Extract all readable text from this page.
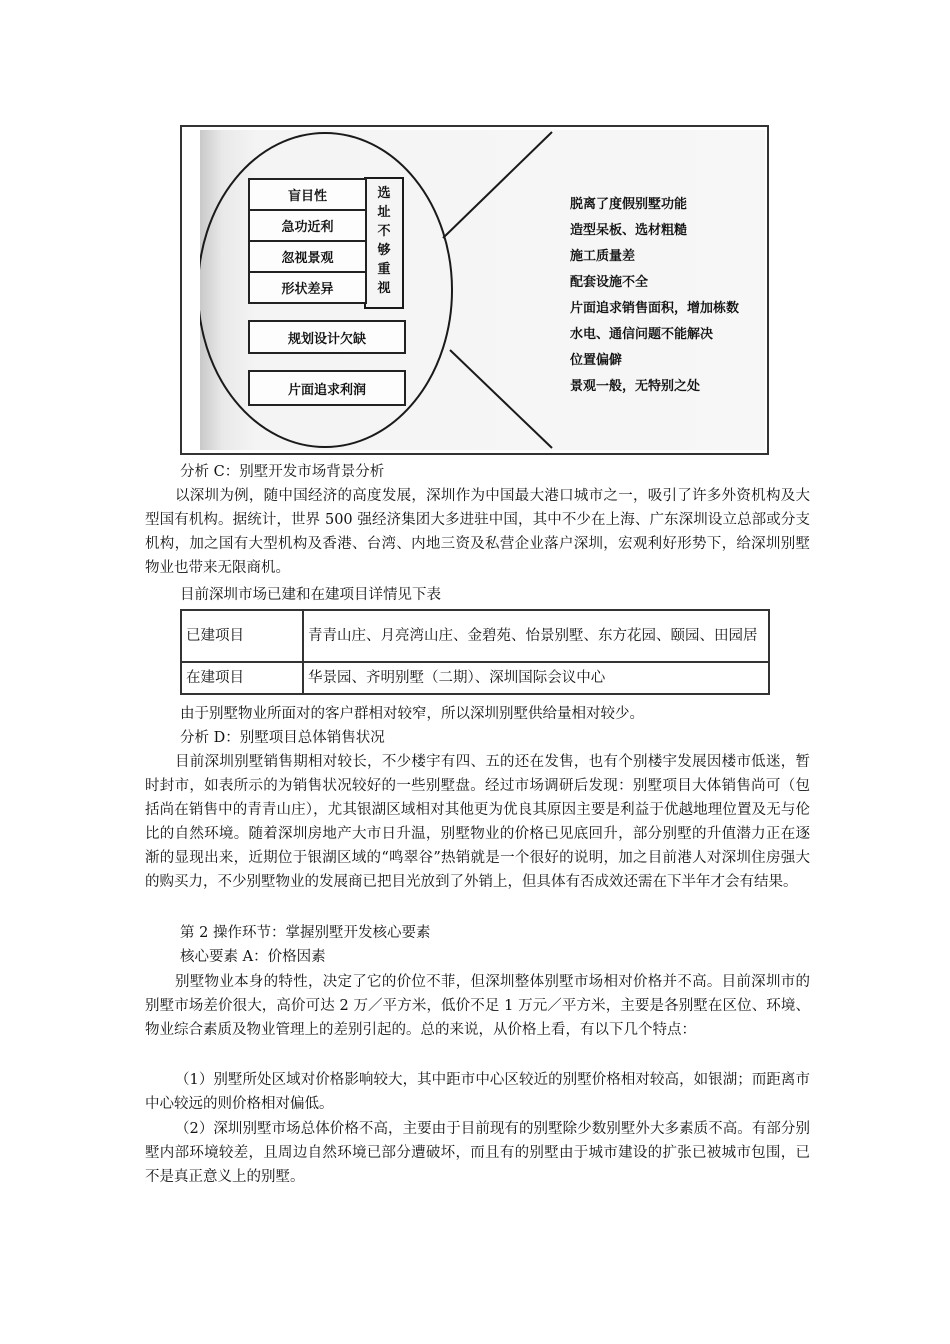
盲目性
急功近利
忽视景观
形状差异
选址不够重视
规划设计欠缺
片面追求利润
脱离了度假别墅功能
造型呆板、选材粗糙
施工质量差
配套设施不全
片面追求销售面积，增加栋数
水电、通信问题不能解决
位置偏僻
景观一般，无特别之处
分析 C：别墅开发市场背景分析
以深圳为例，随中国经济的高度发展，深圳作为中国最大港口城市之一，吸引了许多外资机构及大型国有机构。据统计，世界 500 强经济集团大多进驻中国，其中不少在上海、广东深圳设立总部或分支机构，加之国有大型机构及香港、台湾、内地三资及私营企业落户深圳，宏观利好形势下，给深圳别墅物业也带来无限商机。
目前深圳市场已建和在建项目详情见下表
已建项目	青青山庄、月亮湾山庄、金碧苑、怡景别墅、东方花园、颐园、田园居
在建项目	华景园、齐明别墅（二期）、深圳国际会议中心
由于别墅物业所面对的客户群相对较窄，所以深圳别墅供给量相对较少。
分析 D：别墅项目总体销售状况
目前深圳别墅销售期相对较长，不少楼宇有四、五的还在发售，也有个别楼宇发展因楼市低迷，暂时封市，如表所示的为销售状况较好的一些别墅盘。经过市场调研后发现：别墅项目大体销售尚可（包括尚在销售中的青青山庄），尤其银湖区域相对其他更为优良其原因主要是利益于优越地理位置及无与伦比的自然环境。随着深圳房地产大市日升温，别墅物业的价格已见底回升，部分别墅的升值潜力正在逐渐的显现出来，近期位于银湖区域的“鸣翠谷”热销就是一个很好的说明，加之目前港人对深圳住房强大的购买力，不少别墅物业的发展商已把目光放到了外销上，但具体有否成效还需在下半年才会有结果。
第 2 操作环节：掌握别墅开发核心要素
核心要素 A：价格因素
别墅物业本身的特性，决定了它的价位不菲，但深圳整体别墅市场相对价格并不高。目前深圳市的别墅市场差价很大，高价可达 2 万／平方米，低价不足 1 万元／平方米，主要是各别墅在区位、环境、物业综合素质及物业管理上的差别引起的。总的来说，从价格上看，有以下几个特点：
（1）别墅所处区域对价格影响较大，其中距市中心区较近的别墅价格相对较高，如银湖；而距离市中心较远的则价格相对偏低。
（2）深圳别墅市场总体价格不高，主要由于目前现有的别墅除少数别墅外大多素质不高。有部分别墅内部环境较差，且周边自然环境已部分遭破坏，而且有的别墅由于城市建设的扩张已被城市包围，已不是真正意义上的别墅。
